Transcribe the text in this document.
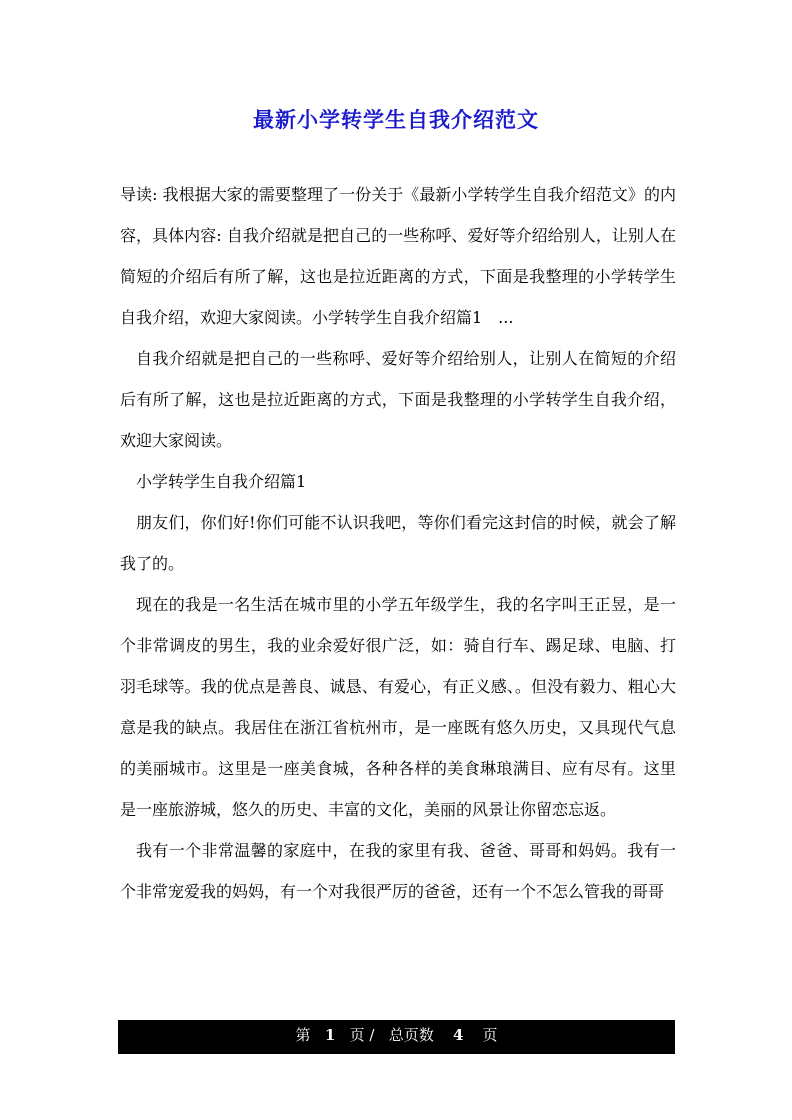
最新小学转学生自我介绍范文

导读: 我根据大家的需要整理了一份关于《最新小学转学生自我介绍范文》的内容，具体内容: 自我介绍就是把自己的一些称呼、爱好等介绍给别人，让别人在简短的介绍后有所了解，这也是拉近距离的方式，下面是我整理的小学转学生自我介绍，欢迎大家阅读。小学转学生自我介绍篇1　...

自我介绍就是把自己的一些称呼、爱好等介绍给别人，让别人在简短的介绍后有所了解，这也是拉近距离的方式，下面是我整理的小学转学生自我介绍，欢迎大家阅读。

小学转学生自我介绍篇1

朋友们，你们好!你们可能不认识我吧，等你们看完这封信的时候，就会了解我了的。

现在的我是一名生活在城市里的小学五年级学生，我的名字叫王正昱，是一个非常调皮的男生，我的业余爱好很广泛，如：骑自行车、踢足球、电脑、打羽毛球等。我的优点是善良、诚恳、有爱心，有正义感、。但没有毅力、粗心大意是我的缺点。我居住在浙江省杭州市，是一座既有悠久历史，又具现代气息的美丽城市。这里是一座美食城，各种各样的美食琳琅满目、应有尽有。这里是一座旅游城，悠久的历史、丰富的文化，美丽的风景让你留恋忘返。

我有一个非常温馨的家庭中，在我的家里有我、爸爸、哥哥和妈妈。我有一个非常宠爱我的妈妈，有一个对我很严厉的爸爸，还有一个不怎么管我的哥哥

第 1 页 / 总页数 4 页
